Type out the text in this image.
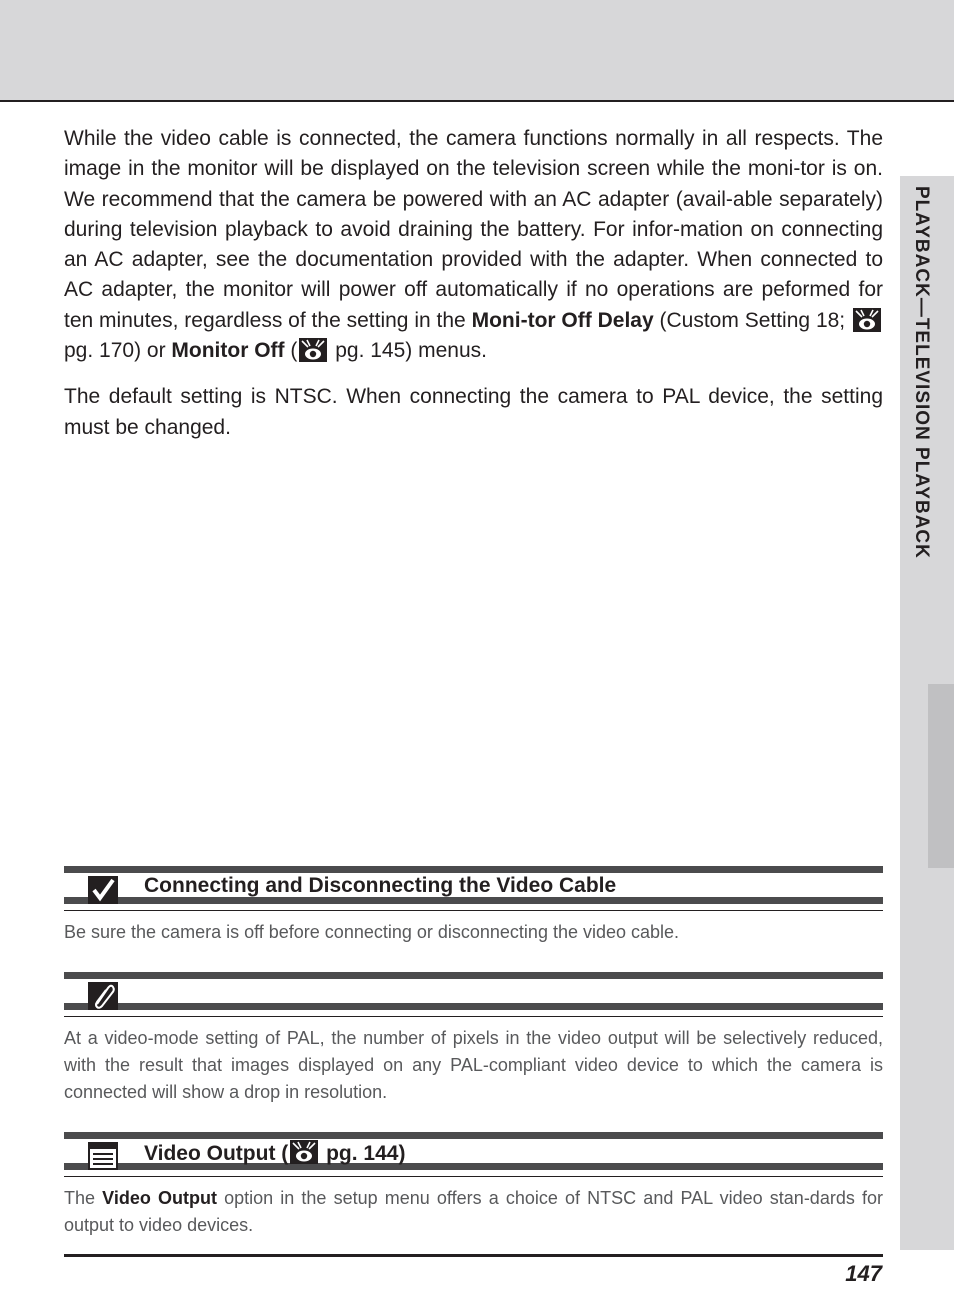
PLAYBACK—TELEVISION PLAYBACK

While the video cable is connected, the camera functions normally in all respects. The image in the monitor will be displayed on the television screen while the moni-tor is on. We recommend that the camera be powered with an AC adapter (avail-able separately) during television playback to avoid draining the battery. For infor-mation on connecting an AC adapter, see the documentation provided with the adapter. When connected to AC adapter, the monitor will power off automatically if no operations are peformed for ten minutes, regardless of the setting in the Moni-tor Off Delay (Custom Setting 18;  pg. 170) or Monitor Off ( pg. 145) menus.

The default setting is NTSC. When connecting the camera to PAL device, the setting must be changed.

Connecting and Disconnecting the Video Cable

Be sure the camera is off before connecting or disconnecting the video cable.

At a video-mode setting of PAL, the number of pixels in the video output will be selectively reduced, with the result that images displayed on any PAL-compliant video device to which the camera is connected will show a drop in resolution.

Video Output ( pg. 144)

The Video Output option in the setup menu offers a choice of NTSC and PAL video stan-dards for output to video devices.

147
